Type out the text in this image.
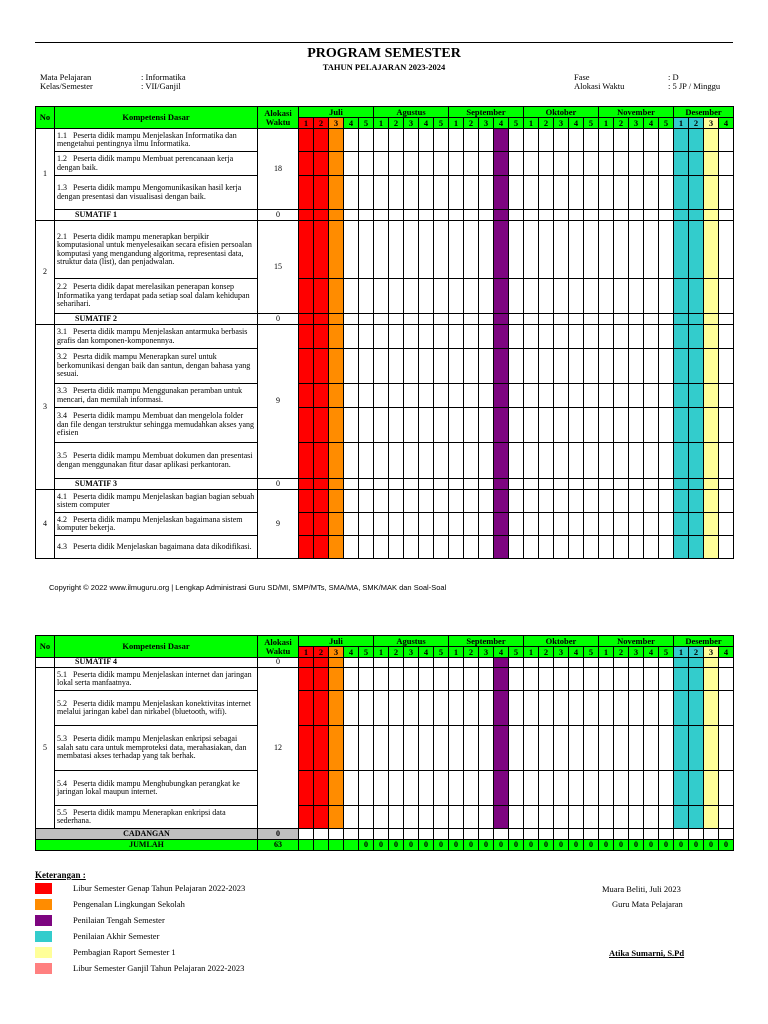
PROGRAM SEMESTER
TAHUN PELAJARAN 2023-2024
Mata Pelajaran	: Informatika
Kelas/Semester	: VII/Ganjil
Fase	: D
Alokasi Waktu	: 5 JP / Minggu
No	Kompetensi Dasar	Alokasi Waktu	Juli					Agustus					September					Oktober					November					Desember			
			1	2	3	4	5	1	2	3	4	5	1	2	3	4	5	1	2	3	4	5	1	2	3	4	5	1	2	3	4
1	1.1 Peserta didik mampu Menjelaskan Informatika dan mengetahui pentingnya ilmu Informatika.	18																													
	1.2 Peserta didik mampu Membuat perencanaan kerja dengan baik.																														
	1.3 Peserta didik mampu Mengomunikasikan hasil kerja dengan presentasi dan visualisasi dengan baik.																														
	SUMATIF 1	0																													
2	2.1 Peserta didik mampu menerapkan berpikir komputasional untuk menyelesaikan secara efisien persoalan komputasi yang mengandung algoritma, representasi data, struktur data (list), dan penjadwalan.	15																													
	2.2 Peserta didik dapat merelasikan penerapan konsep Informatika yang terdapat pada setiap soal dalam kehidupan seharihari.																														
	SUMATIF 2	0																													
3	3.1 Peserta didik mampu Menjelaskan antarmuka berbasis grafis dan komponen-komponennya.	9																													
	3.2 Pesrta didik mampu Menerapkan surel untuk berkomunikasi dengan baik dan santun, dengan bahasa yang sesuai.																														
	3.3 Peserta didik mampu Menggunakan peramban untuk mencari, dan memilah informasi.																														
	3.4 Peserta didik mampu Membuat dan mengelola folder dan file dengan terstruktur sehingga memudahkan akses yang efisien																														
	3.5 Peserta didik mampu Membuat dokumen dan presentasi dengan menggunakan fitur dasar aplikasi perkantoran.																														
	SUMATIF 3	0																													
4	4.1 Peserta didik mampu Menjelaskan bagian bagian sebuah sistem computer	9																													
	4.2 Peserta didik mampu Menjelaskan bagaimana sistem komputer bekerja.																														
	4.3 Peserta didik Menjelaskan bagaimana data dikodifikasi.																														
Copyright © 2022 www.ilmuguru.org | Lengkap Administrasi Guru SD/MI, SMP/MTs, SMA/MA, SMK/MAK dan Soal-Soal
No	Kompetensi Dasar	Alokasi Waktu	Juli					Agustus					September					Oktober					November					Desember			
			1	2	3	4	5	1	2	3	4	5	1	2	3	4	5	1	2	3	4	5	1	2	3	4	5	1	2	3	4
	SUMATIF 4	0																													
5	5.1 Peserta didik mampu Menjelaskan internet dan jaringan lokal serta manfaatnya.	12																													
	5.2 Peserta didik mampu Menjelaskan konektivitas internet melalui jaringan kabel dan nirkabel (bluetooth, wifi).																														
	5.3 Peserta didik mampu Menjelaskan enkripsi sebagai salah satu cara untuk memproteksi data, merahasiakan, dan membatasi akses terhadap yang tak berhak.																														
	5.4 Peserta didik mampu Menghubungkan perangkat ke jaringan lokal maupun internet.																														
	5.5 Peserta didik mampu Menerapkan enkripsi data sederhana.																														
CADANGAN		0																													
JUMLAH		63					0	0	0	0	0	0	0	0	0	0	0	0	0	0	0	0	0	0	0	0	0	0	0	0	0
Keterangan :
Libur Semester Genap Tahun Pelajaran 2022-2023
Pengenalan Lingkungan Sekolah
Penilaian Tengah Semester
Penilaian Akhir Semester
Pembagian Raport Semester 1
Libur Semester Ganjil Tahun Pelajaran 2022-2023
Muara Beliti, Juli 2023
Guru Mata Pelajaran
Atika Sumarni, S.Pd
